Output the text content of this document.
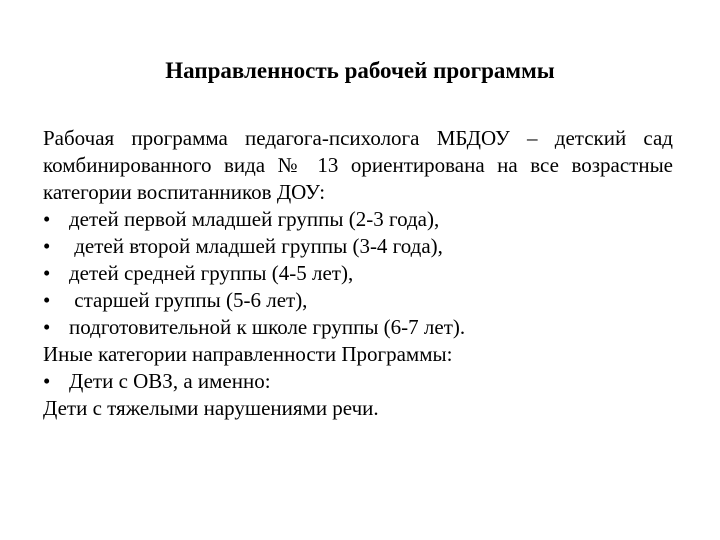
Направленность рабочей программы

Рабочая программа педагога-психолога МБДОУ – детский сад комбинированного вида № 13 ориентирована на все возрастные категории воспитанников ДОУ:

• детей первой младшей группы (2-3 года),
• детей второй младшей группы (3-4 года),
• детей средней группы (4-5 лет),
• старшей группы (5-6 лет),
• подготовительной к школе группы (6-7 лет).

Иные категории направленности Программы:

• Дети с ОВЗ, а именно:

Дети с тяжелыми нарушениями речи.
